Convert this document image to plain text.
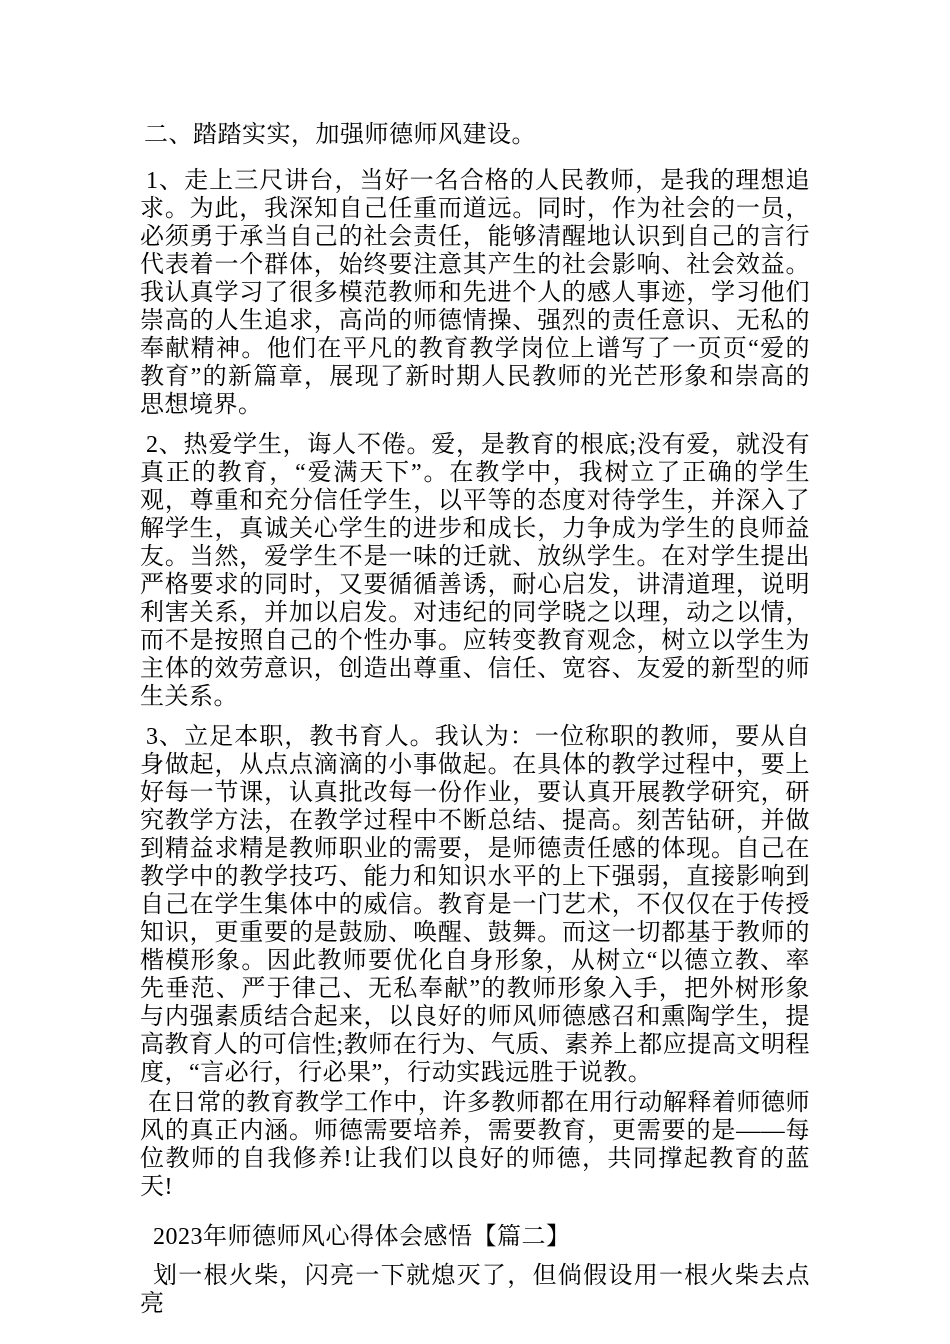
二、踏踏实实，加强师德师风建设。

1、走上三尺讲台，当好一名合格的人民教师，是我的理想追求。为此，我深知自己任重而道远。同时，作为社会的一员，必须勇于承当自己的社会责任，能够清醒地认识到自己的言行代表着一个群体，始终要注意其产生的社会影响、社会效益。我认真学习了很多模范教师和先进个人的感人事迹，学习他们崇高的人生追求，高尚的师德情操、强烈的责任意识、无私的奉献精神。他们在平凡的教育教学岗位上谱写了一页页“爱的教育”的新篇章，展现了新时期人民教师的光芒形象和崇高的思想境界。

2、热爱学生，诲人不倦。爱，是教育的根底;没有爱，就没有真正的教育，“爱满天下”。在教学中，我树立了正确的学生观，尊重和充分信任学生，以平等的态度对待学生，并深入了解学生，真诚关心学生的进步和成长，力争成为学生的良师益友。当然，爱学生不是一味的迁就、放纵学生。在对学生提出严格要求的同时，又要循循善诱，耐心启发，讲清道理，说明利害关系，并加以启发。对违纪的同学晓之以理，动之以情，而不是按照自己的个性办事。应转变教育观念，树立以学生为主体的效劳意识，创造出尊重、信任、宽容、友爱的新型的师生关系。

3、立足本职，教书育人。我认为：一位称职的教师，要从自身做起，从点点滴滴的小事做起。在具体的教学过程中，要上好每一节课，认真批改每一份作业，要认真开展教学研究，研究教学方法，在教学过程中不断总结、提高。刻苦钻研，并做到精益求精是教师职业的需要，是师德责任感的体现。自己在教学中的教学技巧、能力和知识水平的上下强弱，直接影响到自己在学生集体中的威信。教育是一门艺术，不仅仅在于传授知识，更重要的是鼓励、唤醒、鼓舞。而这一切都基于教师的楷模形象。因此教师要优化自身形象，从树立“以德立教、率先垂范、严于律己、无私奉献”的教师形象入手，把外树形象与内强素质结合起来，以良好的师风师德感召和熏陶学生，提高教育人的可信性;教师在行为、气质、素养上都应提高文明程度，“言必行，行必果”，行动实践远胜于说教。

在日常的教育教学工作中，许多教师都在用行动解释着师德师风的真正内涵。师德需要培养，需要教育，更需要的是——每位教师的自我修养!让我们以良好的师德，共同撑起教育的蓝天!

2023年师德师风心得体会感悟【篇二】

划一根火柴，闪亮一下就熄灭了，但倘假设用一根火柴去点亮
